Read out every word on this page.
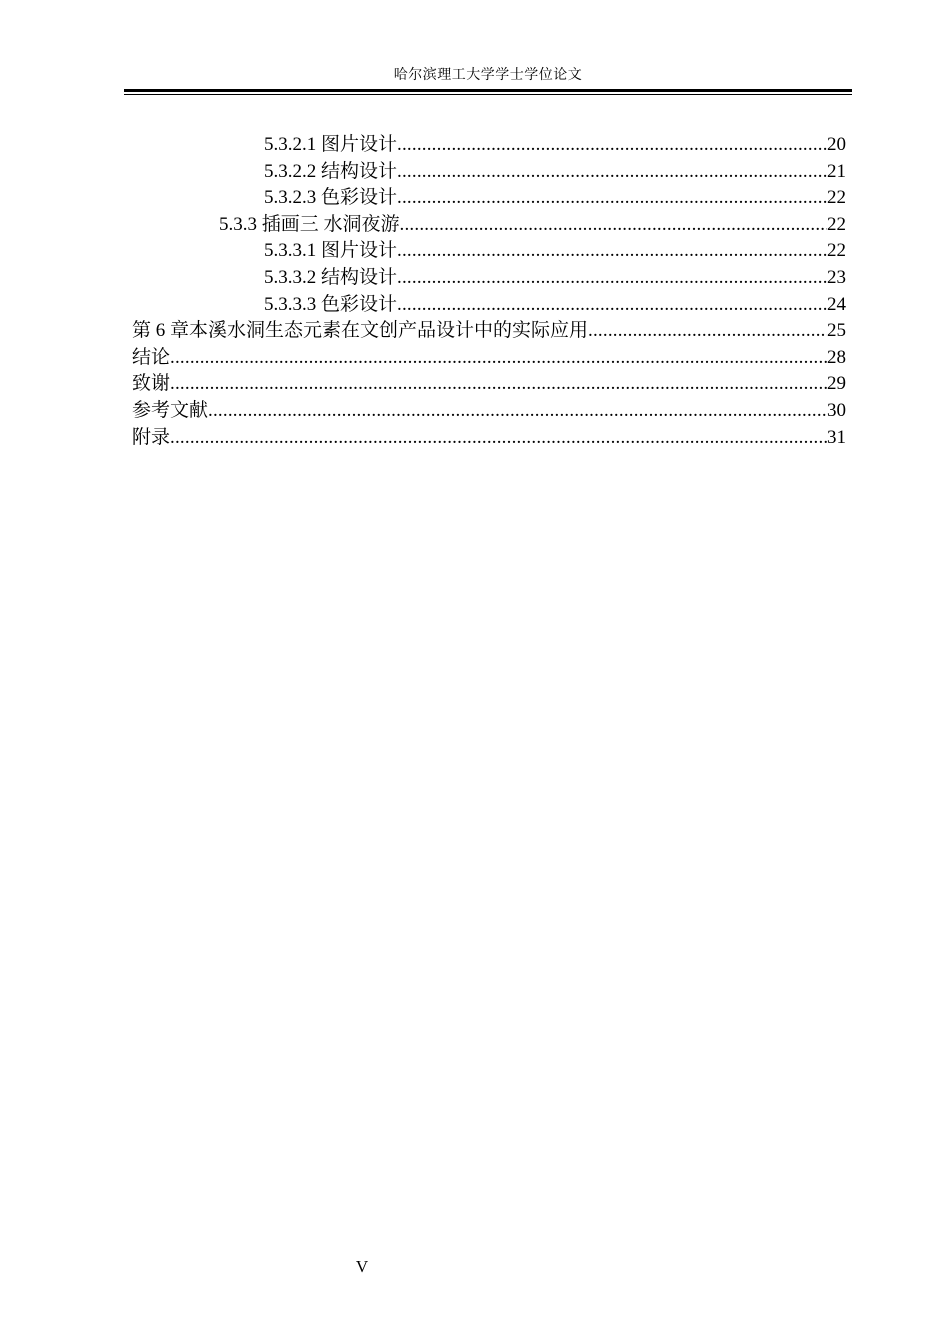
哈尔滨理工大学学士学位论文
5.3.2.1 图片设计 .....	20
5.3.2.2 结构设计 .....	21
5.3.2.3 色彩设计 .....	22
5.3.3 插画三 水洞夜游 .....	22
5.3.3.1 图片设计 .....	22
5.3.3.2 结构设计 .....	23
5.3.3.3 色彩设计 .....	24
第 6 章本溪水洞生态元素在文创产品设计中的实际应用 .....	25
结论 .....	28
致谢 .....	29
参考文献 .....	30
附录 .....	31
V
